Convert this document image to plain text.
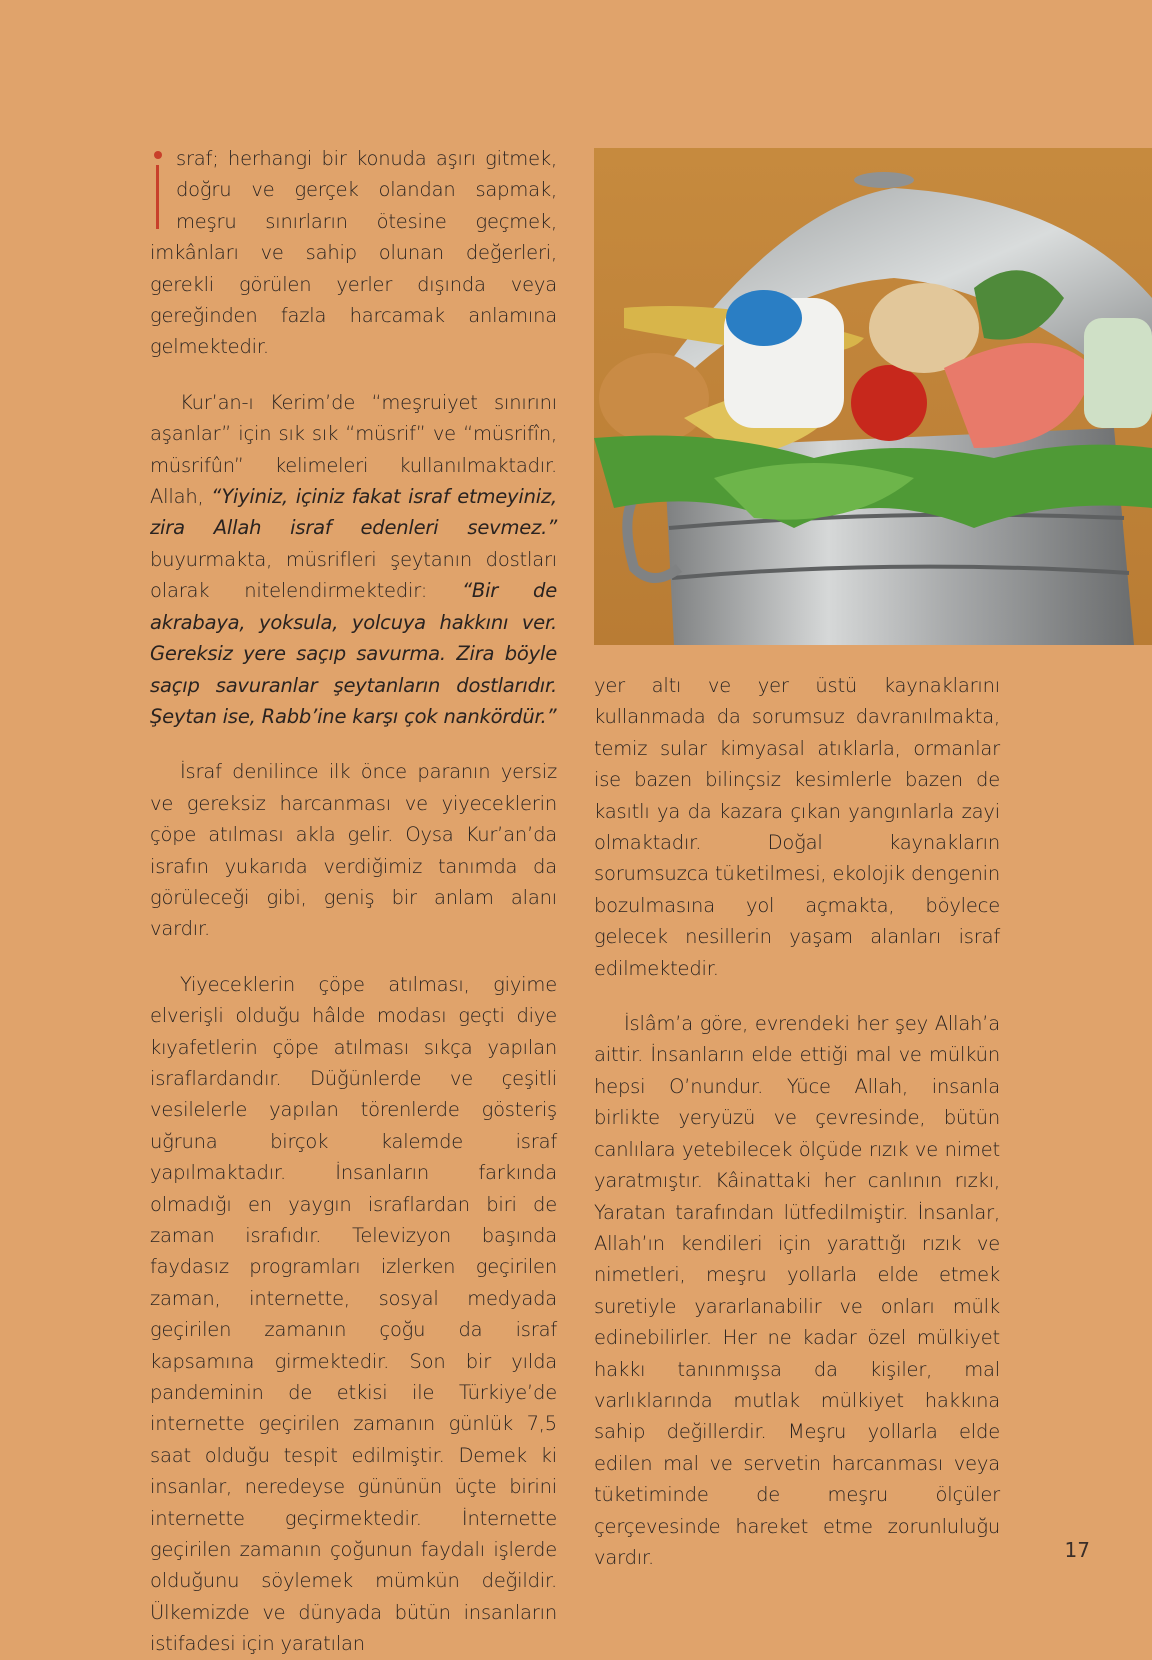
sraf; herhangi bir konuda aşırı gitmek, doğru ve gerçek olandan sapmak, meşru sınırların ötesine geçmek, imkânları ve sahip olunan değerleri, gerekli görülen yerler dışında veya gereğinden fazla harcamak anlamına gelmektedir.

Kur’an-ı Kerim’de “meşruiyet sınırını aşanlar” için sık sık “müsrif” ve “müsrifîn, müsrifûn” kelimeleri kullanılmaktadır. Allah, “Yiyiniz, içiniz fakat israf etmeyiniz, zira Allah israf edenleri sevmez.” buyurmakta, müsrifleri şeytanın dostları olarak nitelendirmektedir: “Bir de akrabaya, yoksula, yolcuya hakkını ver. Gereksiz yere saçıp savurma. Zira böyle saçıp savuranlar şeytanların dostlarıdır. Şeytan ise, Rabb’ine karşı çok nankördür.”

İsraf denilince ilk önce paranın yersiz ve gereksiz harcanması ve yiyeceklerin çöpe atılması akla gelir. Oysa Kur’an’da israfın yukarıda verdiğimiz tanımda da görüleceği gibi, geniş bir anlam alanı vardır.

Yiyeceklerin çöpe atılması, giyime elverişli olduğu hâlde modası geçti diye kıyafetlerin çöpe atılması sıkça yapılan israflardandır. Düğünlerde ve çeşitli vesilelerle yapılan törenlerde gösteriş uğruna birçok kalemde israf yapılmaktadır. İnsanların farkında olmadığı en yaygın israflardan biri de zaman israfıdır. Televizyon başında faydasız programları izlerken geçirilen zaman, internette, sosyal medyada geçirilen zamanın çoğu da israf kapsamına girmektedir. Son bir yılda pandeminin de etkisi ile Türkiye’de internette geçirilen zamanın günlük 7,5 saat olduğu tespit edilmiştir. Demek ki insanlar, neredeyse gününün üçte birini internette geçirmektedir. İnternette geçirilen zamanın çoğunun faydalı işlerde olduğunu söylemek mümkün değildir. Ülkemizde ve dünyada bütün insanların istifadesi için yaratılan

yer altı ve yer üstü kaynaklarını kullanmada da sorumsuz davranılmakta, temiz sular kimyasal atıklarla, ormanlar ise bazen bilinçsiz kesimlerle bazen de kasıtlı ya da kazara çıkan yangınlarla zayi olmaktadır. Doğal kaynakların sorumsuzca tüketilmesi, ekolojik dengenin bozulmasına yol açmakta, böylece gelecek nesillerin yaşam alanları israf edilmektedir.

İslâm’a göre, evrendeki her şey Allah’a aittir. İnsanların elde ettiği mal ve mülkün hepsi O’nundur. Yüce Allah, insanla birlikte yeryüzü ve çevresinde, bütün canlılara yetebilecek ölçüde rızık ve nimet yaratmıştır. Kâinattaki her canlının rızkı, Yaratan tarafından lütfedilmiştir. İnsanlar, Allah’ın kendileri için yarattığı rızık ve nimetleri, meşru yollarla elde etmek suretiyle yararlanabilir ve onları mülk edinebilirler. Her ne kadar özel mülkiyet hakkı tanınmışsa da kişiler, mal varlıklarında mutlak mülkiyet hakkına sahip değillerdir. Meşru yollarla elde edilen mal ve servetin harcanması veya tüketiminde de meşru ölçüler çerçevesinde hareket etme zorunluluğu vardır.	17
